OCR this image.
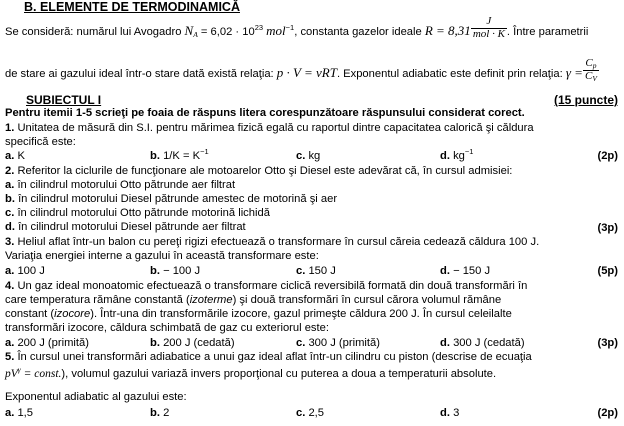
B. ELEMENTE DE TERMODINAMICĂ
Se consideră: numărul lui Avogadro $N_A = 6,02 \cdot 10^{23}$ mol$^{-1}$, constanta gazelor ideale $R = 8,31 \frac{J}{\text{mol · K}}$ . Între parametrii
de stare ai gazului ideal într-o stare dată există relaţia: p · V = νRT. Exponentul adiabatic este definit prin relaţia: $\gamma = \frac{C_p}{C_V}$
SUBIECTUL I	(15 puncte)
Pentru itemii 1-5 scrieţi pe foaia de răspuns litera corespunzătoare răspunsului considerat corect.
1. Unitatea de măsură din S.I. pentru mărimea fizică egală cu raportul dintre capacitatea calorică şi căldura
specifică este:
a. K	b. $1/K = K^{-1}$	c. kg	d. $kg^{-1}$	(2p)
2. Referitor la ciclurile de funcţionare ale motoarelor Otto şi Diesel este adevărat că, în cursul admisiei:
a. în cilindrul motorului Otto pătrunde aer filtrat
b. în cilindrul motorului Diesel pătrunde amestec de motorină şi aer
c. în cilindrul motorului Otto pătrunde motorină lichidă
d. în cilindrul motorului Diesel pătrunde aer filtrat	(3p)
3. Heliul aflat într-un balon cu pereţi rigizi efectuează o transformare în cursul căreia cedează căldura 100 J.
Variaţia energiei interne a gazului în această transformare este:
a. 100 J	b. − 100 J	c. 150 J	d. − 150 J	(5p)
4. Un gaz ideal monoatomic efectuează o transformare ciclică reversibilă formată din două transformări în
care temperatura rămâne constantă (izoterme) şi două transformări în cursul cărora volumul rămâne
constant (izocore). Într-una din transformările izocore, gazul primeşte căldura 200 J. În cursul celeilalte
transformări izocore, căldura schimbată de gaz cu exteriorul este:
a. 200 J (primită)	b. 200 J (cedată)	c. 300 J (primită)	d. 300 J (cedată)	(3p)
5. În cursul unei transformări adiabatice a unui gaz ideal aflat într-un cilindru cu piston (descrise de ecuaţia
$pV^\gamma$ = const.), volumul gazului variază invers proporţional cu puterea a doua a temperaturii absolute.
Exponentul adiabatic al gazului este:
a. 1,5	b. 2	c. 2,5	d. 3	(2p)
